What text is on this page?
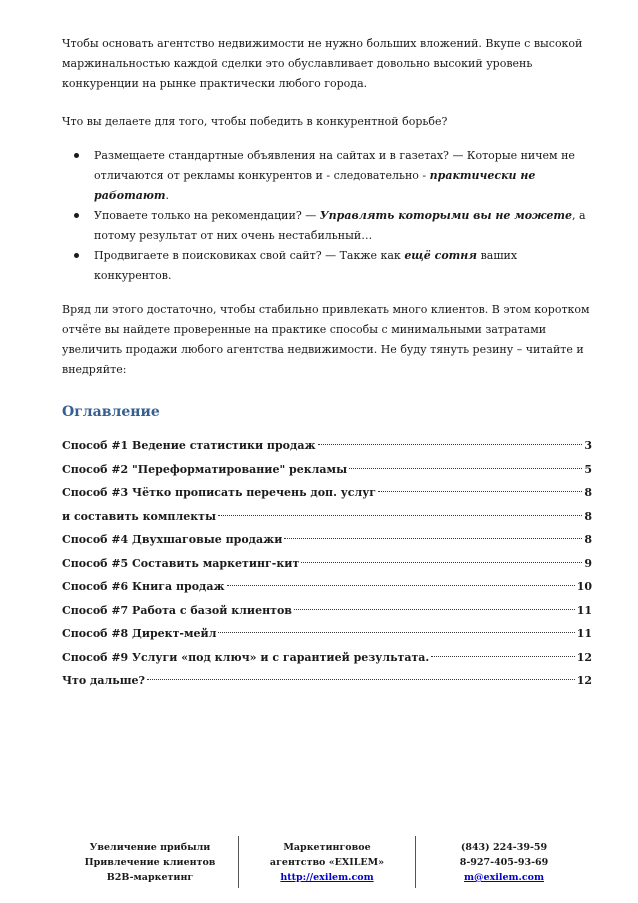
Чтобы основать агентство недвижимости не нужно больших вложений. Вкупе с высокой маржинальностью каждой сделки это обуславливает довольно высокий уровень конкуренции на рынке практически любого города.

Что вы делаете для того, чтобы победить в конкурентной борьбе?

Размещаете стандартные объявления на сайтах и в газетах? — Которые ничем не отличаются от рекламы конкурентов и - следовательно - практически не работают.
Уповаете только на рекомендации? — Управлять которыми вы не можете, а потому результат от них очень нестабильный…
Продвигаете в поисковиках свой сайт? — Также как ещё сотня ваших конкурентов.

Вряд ли этого достаточно, чтобы стабильно привлекать много клиентов. В этом коротком отчёте вы найдете проверенные на практике способы с минимальными затратами увеличить продажи любого агентства недвижимости. Не буду тянуть резину – читайте и внедряйте:

Оглавление
Способ #1 Ведение статистики продаж	3
Способ #2 "Переформатирование" рекламы	5
Способ #3 Чётко прописать перечень доп. услуг	8
и составить комплекты	8
Способ #4 Двухшаговые продажи	8
Способ #5 Составить маркетинг-кит	9
Способ #6 Книга продаж	10
Способ #7 Работа с базой клиентов	11
Способ #8 Директ-мейл	11
Способ #9 Услуги «под ключ» и с гарантией результата.	12
Что дальше?	12
Увеличение прибыли
Привлечение клиентов
B2B-маркетинг
Маркетинговое
агентство «EXILEM»
http://exilem.com
(843) 224-39-59
8-927-405-93-69
m@exilem.com
